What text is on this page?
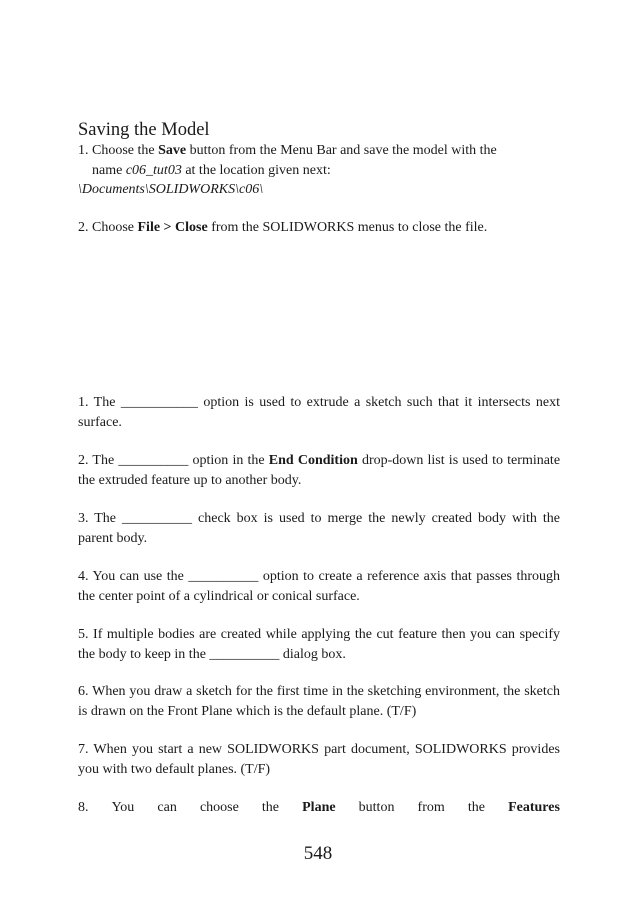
Saving the Model
1. Choose the Save button from the Menu Bar and save the model with the
name c06_tut03 at the location given next:
\Documents\SOLIDWORKS\c06\
2. Choose File > Close from the SOLIDWORKS menus to close the file.
1. The ___________ option is used to extrude a sketch such that it intersects next surface.
2. The __________ option in the End Condition drop-down list is used to terminate the extruded feature up to another body.
3. The __________ check box is used to merge the newly created body with the parent body.
4. You can use the __________ option to create a reference axis that passes through the center point of a cylindrical or conical surface.
5. If multiple bodies are created while applying the cut feature then you can specify the body to keep in the __________ dialog box.
6. When you draw a sketch for the first time in the sketching environment, the sketch is drawn on the Front Plane which is the default plane. (T/F)
7. When you start a new SOLIDWORKS part document, SOLIDWORKS provides you with two default planes. (T/F)
8. You can choose the Plane button from the Features
548
